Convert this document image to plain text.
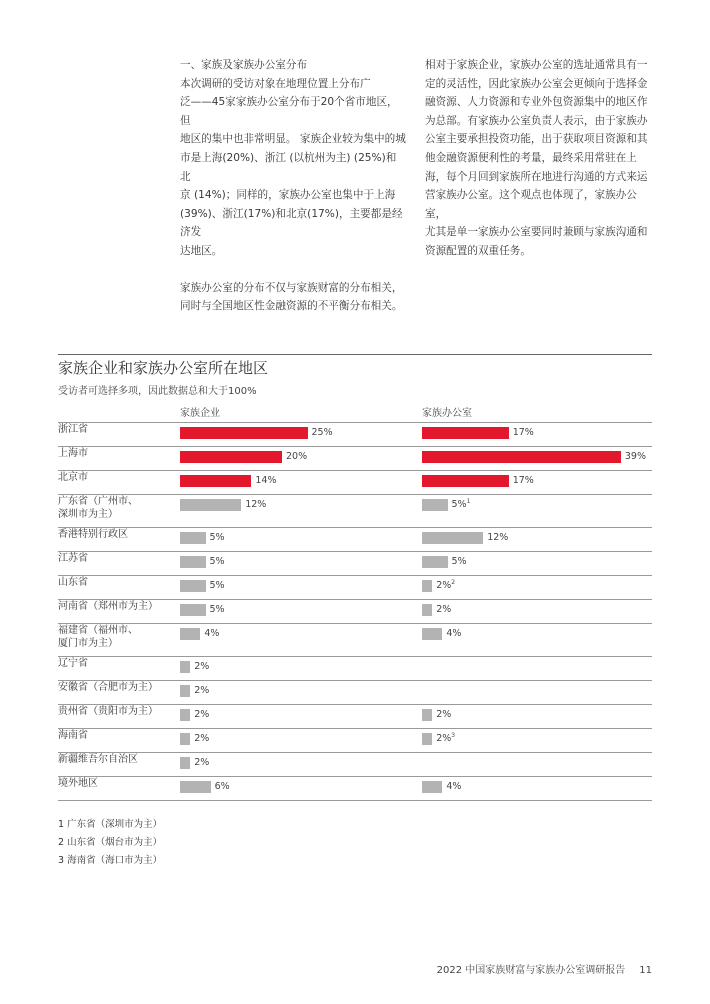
一、家族及家族办公室分布

本次调研的受访对象在地理位置上分布广
泛——45家家族办公室分布于20个省市地区，但
地区的集中也非常明显。 家族企业较为集中的城
市是上海(20%)、浙江 (以杭州为主) (25%)和北
京 (14%)；同样的，家族办公室也集中于上海
(39%)、浙江(17%)和北京(17%)，主要都是经济发
达地区。

家族办公室的分布不仅与家族财富的分布相关，
同时与全国地区性金融资源的不平衡分布相关。

相对于家族企业，家族办公室的选址通常具有一
定的灵活性，因此家族办公室会更倾向于选择金
融资源、人力资源和专业外包资源集中的地区作
为总部。有家族办公室负责人表示，由于家族办
公室主要承担投资功能，出于获取项目资源和其
他金融资源便利性的考量，最终采用常驻在上
海，每个月回到家族所在地进行沟通的方式来运
营家族办公室。这个观点也体现了，家族办公室，
尤其是单一家族办公室要同时兼顾与家族沟通和
资源配置的双重任务。

家族企业和家族办公室所在地区
受访者可选择多项，因此数据总和大于100%
家族企业	家族办公室
浙江省	25%	17%
上海市	20%	39%
北京市	14%	17%
广东省（广州市、
深圳市为主）
12%	5%$^1$
香港特别行政区	5%	12%
江苏省	5%	5%
山东省	5%	2%$^2$
河南省（郑州市为主）	5%	2%
福建省（福州市、
厦门市为主）
4%	4%
辽宁省	2%
安徽省（合肥市为主）	2%
贵州省（贵阳市为主）	2%	2%
海南省	2%	2%$^3$
新疆维吾尔自治区	2%
境外地区	6%	4%
1 广东省（深圳市为主）
2 山东省（烟台市为主）
3 海南省（海口市为主）
2022 中国家族财富与家族办公室调研报告 11
